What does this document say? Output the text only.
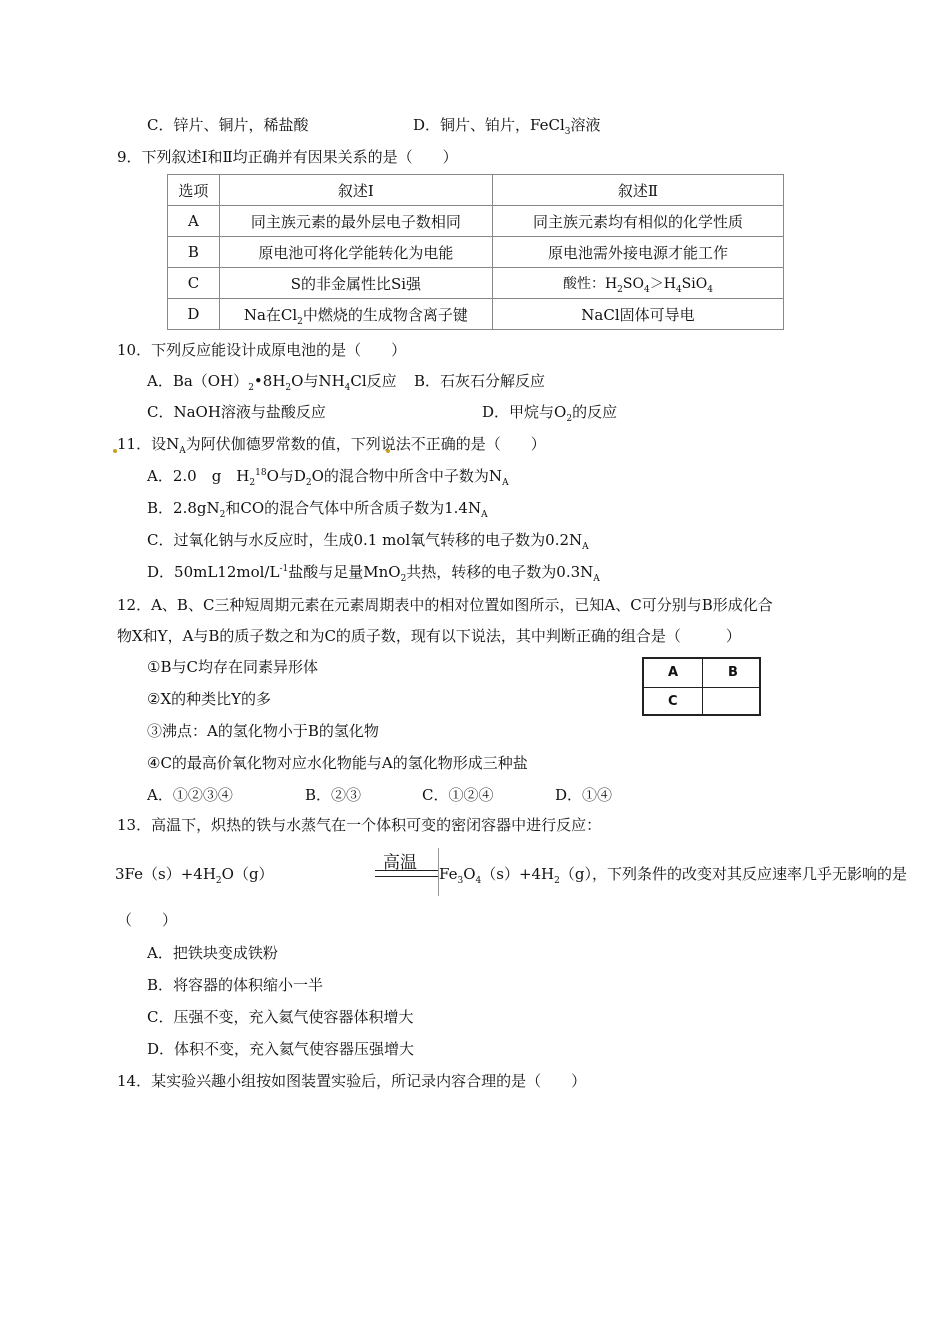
C．锌片、铜片，稀盐酸	D．铜片、铂片，FeCl$_3$溶液
9．下列叙述Ⅰ和Ⅱ均正确并有因果关系的是（　　）
选项	叙述Ⅰ	叙述Ⅱ
A	同主族元素的最外层电子数相同	同主族元素均有相似的化学性质
B	原电池可将化学能转化为电能	原电池需外接电源才能工作
C	S的非金属性比Si强	酸性：$H_2SO_4>H_4SiO_4$
D	Na在$Cl_2$中燃烧的生成物含离子键	NaCl固体可导电
10．下列反应能设计成原电池的是（　　）
A．$Ba(OH)_2•8H_2O$与$NH_4Cl$反应 B．石灰石分解反应
C．NaOH溶液与盐酸反应	D．甲烷与$O_2$的反应
11．设$N_A$为阿伏伽德罗常数的值，下列说法不正确的是（　　）
A．2.0　g　$H_2^{18}O$与$D_2O$的混合物中所含中子数为$N_A$
B．$2.8gN_2$和CO的混合气体中所含质子数为$1.4N_A$
C．过氧化钠与水反应时，生成0.1 mol氧气转移的电子数为$0.2N_A$
D．$50mL12mol/L^{-1}$盐酸与足量MnO$_2$共热，转移的电子数为$0.3N_A$
12．A、B、C三种短周期元素在元素周期表中的相对位置如图所示，已知A、C可分别与B形成化合
物X和Y，A与B的质子数之和为C的质子数，现有以下说法，其中判断正确的组合是（　　　）
①B与C均存在同素异形体
②X的种类比Y的多
③沸点：A的氢化物小于B的氢化物
④C的最高价氧化物对应水化物能与A的氢化物形成三种盐
A．①②③④	B．②③	C．①②④	D．①④
A	B
C
13．高温下，炽热的铁与水蒸气在一个体积可变的密闭容器中进行反应：
$3Fe(s)+4H_2O(g)$
高温
$Fe_3O_4(s)+4H_2(g)$，下列条件的改变对其反应速率几乎无影响的是
（　　）
A．把铁块变成铁粉
B．将容器的体积缩小一半
C．压强不变，充入氦气使容器体积增大
D．体积不变，充入氦气使容器压强增大
14．某实验兴趣小组按如图装置实验后，所记录内容合理的是（　　）
